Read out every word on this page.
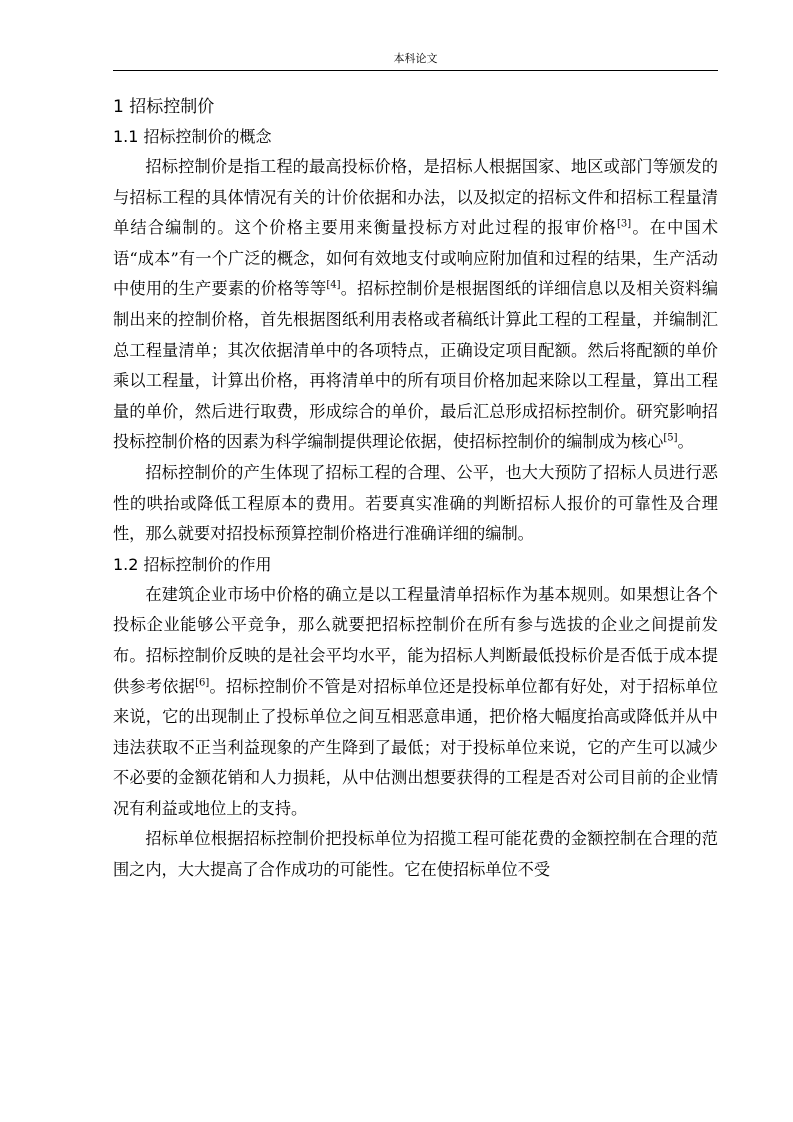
本科论文
1 招标控制价
1.1 招标控制价的概念

招标控制价是指工程的最高投标价格，是招标人根据国家、地区或部门等颁发的与招标工程的具体情况有关的计价依据和办法，以及拟定的招标文件和招标工程量清单结合编制的。这个价格主要用来衡量投标方对此过程的报审价格[3]。在中国术语“成本”有一个广泛的概念，如何有效地支付或响应附加值和过程的结果，生产活动中使用的生产要素的价格等等[4]。招标控制价是根据图纸的详细信息以及相关资料编制出来的控制价格，首先根据图纸利用表格或者稿纸计算此工程的工程量，并编制汇总工程量清单；其次依据清单中的各项特点，正确设定项目配额。然后将配额的单价乘以工程量，计算出价格，再将清单中的所有项目价格加起来除以工程量，算出工程量的单价，然后进行取费，形成综合的单价，最后汇总形成招标控制价。研究影响招投标控制价格的因素为科学编制提供理论依据，使招标控制价的编制成为核心[5]。

招标控制价的产生体现了招标工程的合理、公平，也大大预防了招标人员进行恶性的哄抬或降低工程原本的费用。若要真实准确的判断招标人报价的可靠性及合理性，那么就要对招投标预算控制价格进行准确详细的编制。

1.2 招标控制价的作用

在建筑企业市场中价格的确立是以工程量清单招标作为基本规则。如果想让各个投标企业能够公平竞争，那么就要把招标控制价在所有参与选拔的企业之间提前发布。招标控制价反映的是社会平均水平，能为招标人判断最低投标价是否低于成本提供参考依据[6]。招标控制价不管是对招标单位还是投标单位都有好处，对于招标单位来说，它的出现制止了投标单位之间互相恶意串通，把价格大幅度抬高或降低并从中违法获取不正当利益现象的产生降到了最低；对于投标单位来说，它的产生可以减少不必要的金额花销和人力损耗，从中估测出想要获得的工程是否对公司目前的企业情况有利益或地位上的支持。

招标单位根据招标控制价把投标单位为招揽工程可能花费的金额控制在合理的范围之内，大大提高了合作成功的可能性。它在使招标单位不受
